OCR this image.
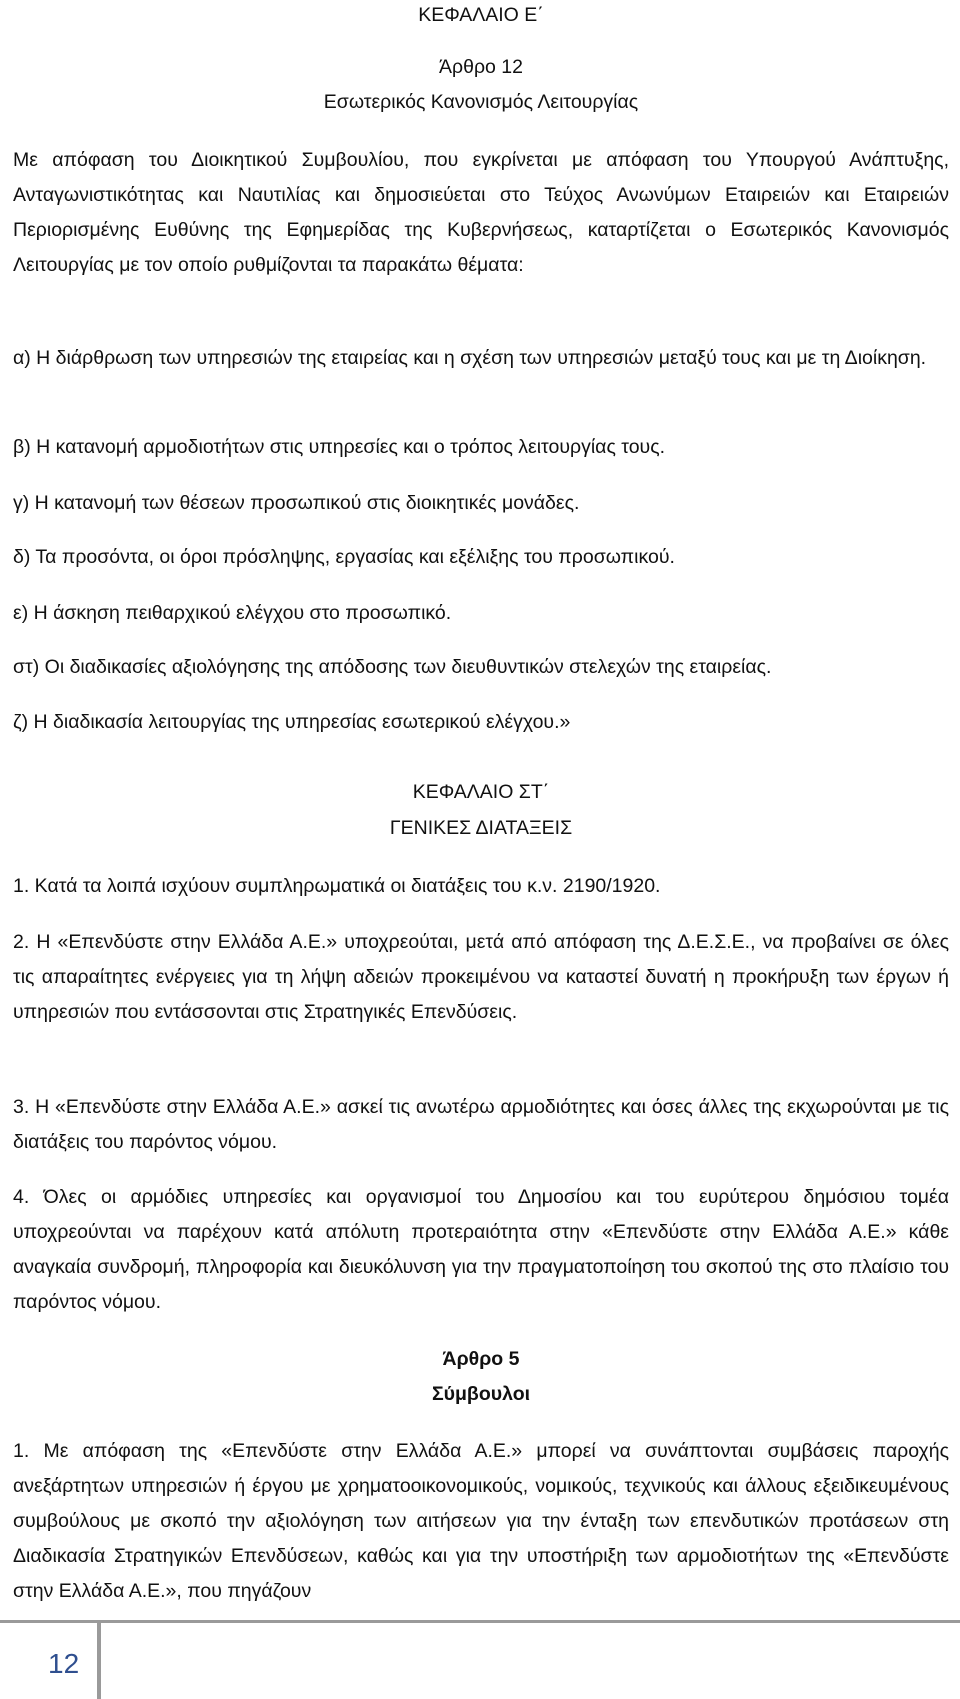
ΚΕΦΑΛΑΙΟ Ε΄
Άρθρο 12
Εσωτερικός Κανονισμός Λειτουργίας

Με απόφαση του Διοικητικού Συμβουλίου, που εγκρίνεται με απόφαση του Υπουργού Ανάπτυξης, Ανταγωνιστικότητας και Ναυτιλίας και δημοσιεύεται στο Τεύχος Ανωνύμων Εταιρειών και Εταιρειών Περιορισμένης Ευθύνης της Εφημερίδας της Κυβερνήσεως, καταρτίζεται ο Εσωτερικός Κανονισμός Λειτουργίας με τον οποίο ρυθμίζονται τα παρακάτω θέματα:

α) Η διάρθρωση των υπηρεσιών της εταιρείας και η σχέση των υπηρεσιών μεταξύ τους και με τη Διοίκηση.

β) Η κατανομή αρμοδιοτήτων στις υπηρεσίες και ο τρόπος λειτουργίας τους.

γ) Η κατανομή των θέσεων προσωπικού στις διοικητικές μονάδες.

δ) Τα προσόντα, οι όροι πρόσληψης, εργασίας και εξέλιξης του προσωπικού.

ε) Η άσκηση πειθαρχικού ελέγχου στο προσωπικό.

στ) Οι διαδικασίες αξιολόγησης της απόδοσης των διευθυντικών στελεχών της εταιρείας.

ζ) Η διαδικασία λειτουργίας της υπηρεσίας εσωτερικού ελέγχου.»

ΚΕΦΑΛΑΙΟ ΣΤ΄
ΓΕΝΙΚΕΣ ΔΙΑΤΑΞΕΙΣ

1. Κατά τα λοιπά ισχύουν συμπληρωματικά οι διατάξεις του κ.ν. 2190/1920.

2. Η «Επενδύστε στην Ελλάδα Α.Ε.» υποχρεούται, μετά από απόφαση της Δ.Ε.Σ.Ε., να προβαίνει σε όλες τις απαραίτητες ενέργειες για τη λήψη αδειών προκειμένου να καταστεί δυνατή η προκήρυξη των έργων ή υπηρεσιών που εντάσσονται στις Στρατηγικές Επενδύσεις.

3. Η «Επενδύστε στην Ελλάδα Α.Ε.» ασκεί τις ανωτέρω αρμοδιότητες και όσες άλλες της εκχωρούνται με τις διατάξεις του παρόντος νόμου.

4. Όλες οι αρμόδιες υπηρεσίες και οργανισμοί του Δημοσίου και του ευρύτερου δημόσιου τομέα υποχρεούνται να παρέχουν κατά απόλυτη προτεραιότητα στην «Επενδύστε στην Ελλάδα Α.Ε.» κάθε αναγκαία συνδρομή, πληροφορία και διευκόλυνση για την πραγματοποίηση του σκοπού της στο πλαίσιο του παρόντος νόμου.

Άρθρο 5
Σύμβουλοι

1. Με απόφαση της «Επενδύστε στην Ελλάδα Α.Ε.» μπορεί να συνάπτονται συμβάσεις παροχής ανεξάρτητων υπηρεσιών ή έργου με χρηματοοικονομικούς, νομικούς, τεχνικούς και άλλους εξειδικευμένους συμβούλους με σκοπό την αξιολόγηση των αιτήσεων για την ένταξη των επενδυτικών προτάσεων στη Διαδικασία Στρατηγικών Επενδύσεων, καθώς και για την υποστήριξη των αρμοδιοτήτων της «Επενδύστε στην Ελλάδα Α.Ε.», που πηγάζουν

12
